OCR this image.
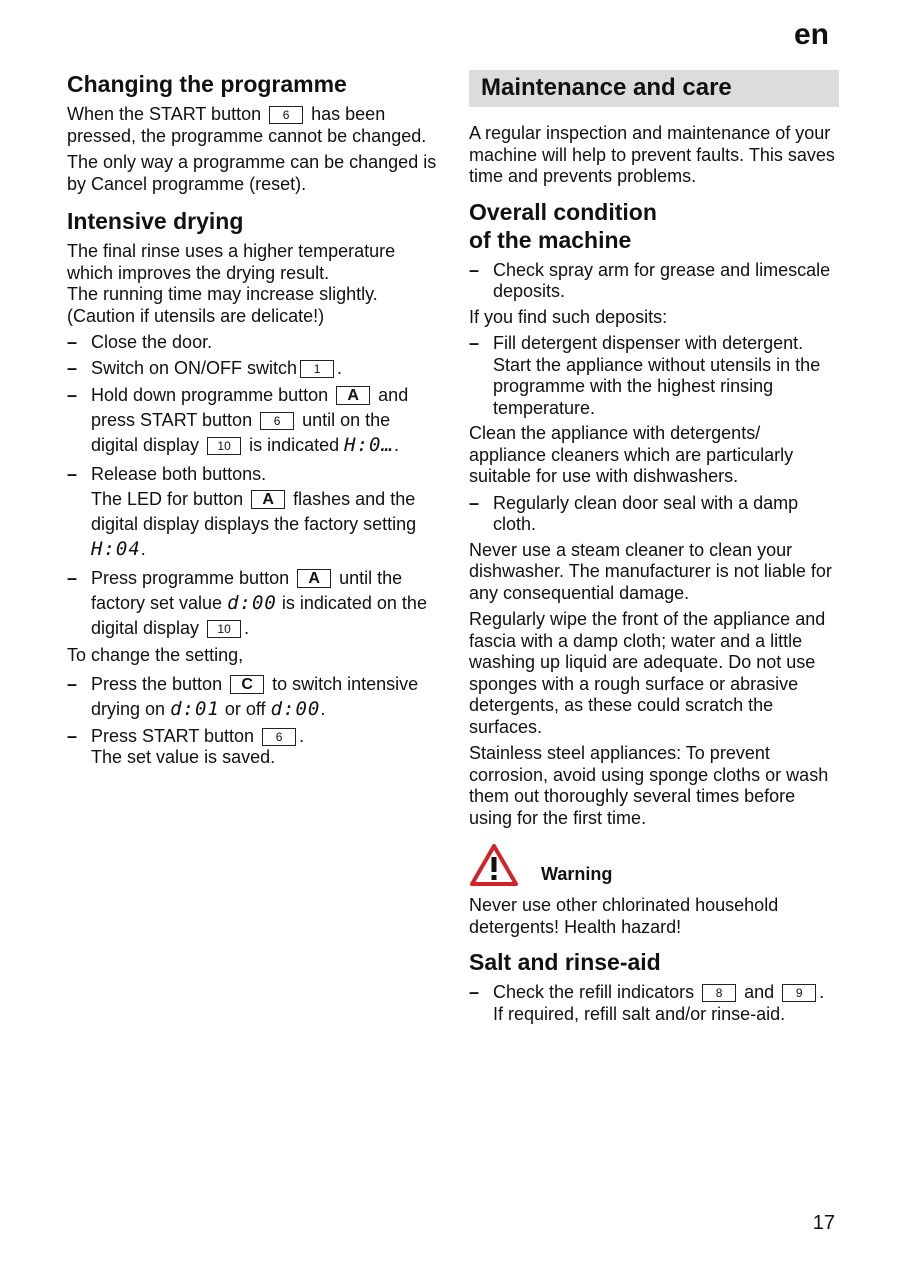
en
Changing the programme

When the START button 6 has been pressed, the programme cannot be changed.

The only way a programme can be changed is by Cancel programme (reset).

Intensive drying

The final rinse uses a higher temperature which improves the drying result.

The running time may increase slightly. (Caution if utensils are delicate!)

– Close the door.
– Switch on ON/OFF switch 1 .
– Hold down programme button A and press START button 6 until on the digital display 10 is indicated H:0….
– Release both buttons.
The LED for button A flashes and the digital display displays the factory setting H:04.
– Press programme button A until the factory set value d:00 is indicated on the digital display 10 .

To change the setting,

– Press the button C to switch intensive drying on d:01 or off d:00.
– Press START button 6 .
The set value is saved.
Maintenance and care

A regular inspection and maintenance of your machine will help to prevent faults. This saves time and prevents problems.

Overall condition
of the machine
– Check spray arm for grease and limescale deposits.

If you find such deposits:

– Fill detergent dispenser with detergent.
Start the appliance without utensils in the programme with the highest rinsing temperature.

Clean the appliance with detergents/ appliance cleaners which are particularly suitable for use with dishwashers.

– Regularly clean door seal with a damp cloth.

Never use a steam cleaner to clean your dishwasher. The manufacturer is not liable for any consequential damage.

Regularly wipe the front of the appliance and fascia with a damp cloth; water and a little washing up liquid are adequate. Do not use sponges with a rough surface or abrasive detergents, as these could scratch the surfaces.

Stainless steel appliances: To prevent corrosion, avoid using sponge cloths or wash them out thoroughly several times before using for the first time.

Warning

Never use other chlorinated household detergents! Health hazard!

Salt and rinse-aid
– Check the refill indicators 8 and 9 .
If required, refill salt and/or rinse-aid.
17
